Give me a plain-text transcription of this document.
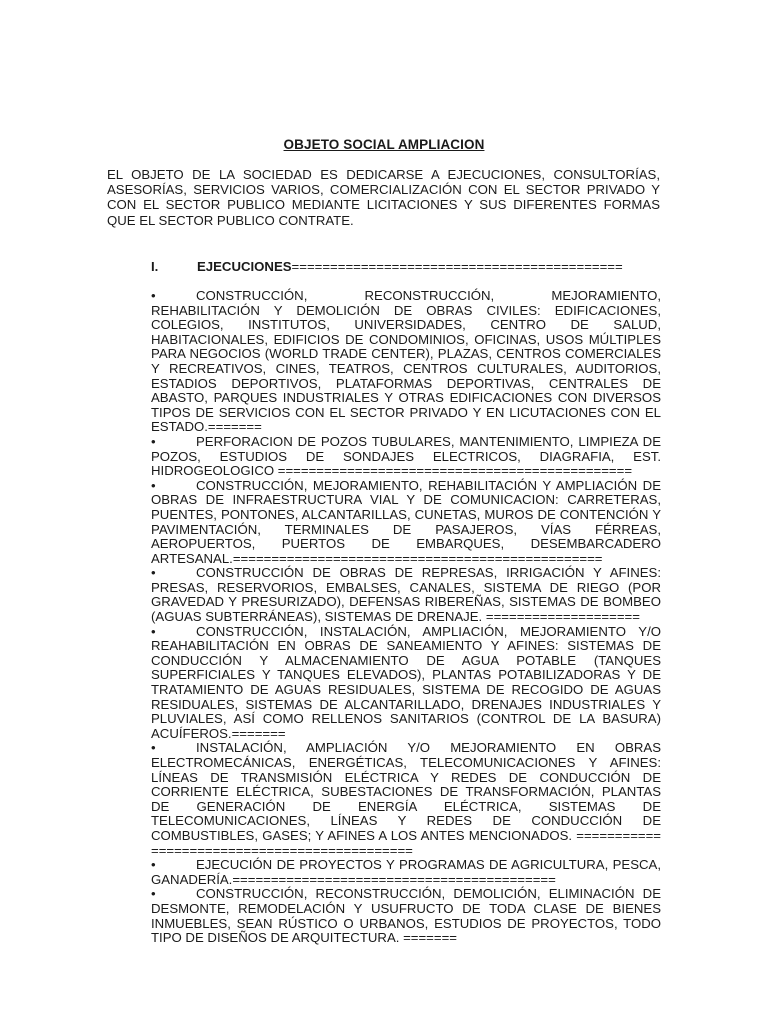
OBJETO SOCIAL AMPLIACION
EL OBJETO DE LA SOCIEDAD ES DEDICARSE A EJECUCIONES, CONSULTORÍAS, ASESORÍAS, SERVICIOS VARIOS, COMERCIALIZACIÓN CON EL SECTOR PRIVADO Y CON EL SECTOR PUBLICO MEDIANTE LICITACIONES Y SUS DIFERENTES FORMAS QUE EL SECTOR PUBLICO CONTRATE.
I.	EJECUCIONES===========================================
•	CONSTRUCCIÓN, RECONSTRUCCIÓN, MEJORAMIENTO, REHABILITACIÓN Y DEMOLICIÓN DE OBRAS CIVILES: EDIFICACIONES, COLEGIOS, INSTITUTOS, UNIVERSIDADES, CENTRO DE SALUD, HABITACIONALES, EDIFICIOS DE CONDOMINIOS, OFICINAS, USOS MÚLTIPLES PARA NEGOCIOS (WORLD TRADE CENTER), PLAZAS, CENTROS COMERCIALES Y RECREATIVOS, CINES, TEATROS, CENTROS CULTURALES, AUDITORIOS, ESTADIOS DEPORTIVOS, PLATAFORMAS DEPORTIVAS, CENTRALES DE ABASTO, PARQUES INDUSTRIALES Y OTRAS EDIFICACIONES CON DIVERSOS TIPOS DE SERVICIOS CON EL SECTOR PRIVADO Y EN LICUTACIONES CON EL ESTADO.=======
•	PERFORACION DE POZOS TUBULARES, MANTENIMIENTO, LIMPIEZA DE POZOS, ESTUDIOS DE SONDAJES ELECTRICOS, DIAGRAFIA, EST. HIDROGEOLOGICO ==============================================
•	CONSTRUCCIÓN, MEJORAMIENTO, REHABILITACIÓN Y AMPLIACIÓN DE OBRAS DE INFRAESTRUCTURA VIAL Y DE COMUNICACION: CARRETERAS, PUENTES, PONTONES, ALCANTARILLAS, CUNETAS, MUROS DE CONTENCIÓN Y PAVIMENTACIÓN, TERMINALES DE PASAJEROS, VÍAS FÉRREAS, AEROPUERTOS, PUERTOS DE EMBARQUES, DESEMBARCADERO ARTESANAL.================================================
•	CONSTRUCCIÓN DE OBRAS DE REPRESAS, IRRIGACIÓN Y AFINES: PRESAS, RESERVORIOS, EMBALSES, CANALES, SISTEMA DE RIEGO (POR GRAVEDAD Y PRESURIZADO), DEFENSAS RIBEREÑAS, SISTEMAS DE BOMBEO (AGUAS SUBTERRÁNEAS), SISTEMAS DE DRENAJE. ====================
•	CONSTRUCCIÓN, INSTALACIÓN, AMPLIACIÓN, MEJORAMIENTO Y/O REAHABILITACIÓN EN OBRAS DE SANEAMIENTO Y AFINES: SISTEMAS DE CONDUCCIÓN Y ALMACENAMIENTO DE AGUA POTABLE (TANQUES SUPERFICIALES Y TANQUES ELEVADOS), PLANTAS POTABILIZADORAS Y DE TRATAMIENTO DE AGUAS RESIDUALES, SISTEMA DE RECOGIDO DE AGUAS RESIDUALES, SISTEMAS DE ALCANTARILLADO, DRENAJES INDUSTRIALES Y PLUVIALES, ASÍ COMO RELLENOS SANITARIOS (CONTROL DE LA BASURA) ACUÍFEROS.=======
•	INSTALACIÓN, AMPLIACIÓN Y/O MEJORAMIENTO EN OBRAS ELECTROMECÁNICAS, ENERGÉTICAS, TELECOMUNICACIONES Y AFINES: LÍNEAS DE TRANSMISIÓN ELÉCTRICA Y REDES DE CONDUCCIÓN DE CORRIENTE ELÉCTRICA, SUBESTACIONES DE TRANSFORMACIÓN, PLANTAS DE GENERACIÓN DE ENERGÍA ELÉCTRICA, SISTEMAS DE TELECOMUNICACIONES, LÍNEAS Y REDES DE CONDUCCIÓN DE COMBUSTIBLES, GASES; Y AFINES A LOS ANTES MENCIONADOS. =============================================
•	EJECUCIÓN DE PROYECTOS Y PROGRAMAS DE AGRICULTURA, PESCA, GANADERÍA.==========================================
•	CONSTRUCCIÓN, RECONSTRUCCIÓN, DEMOLICIÓN, ELIMINACIÓN DE DESMONTE, REMODELACIÓN Y USUFRUCTO DE TODA CLASE DE BIENES INMUEBLES, SEAN RÚSTICO O URBANOS, ESTUDIOS DE PROYECTOS, TODO TIPO DE DISEÑOS DE ARQUITECTURA. =======
